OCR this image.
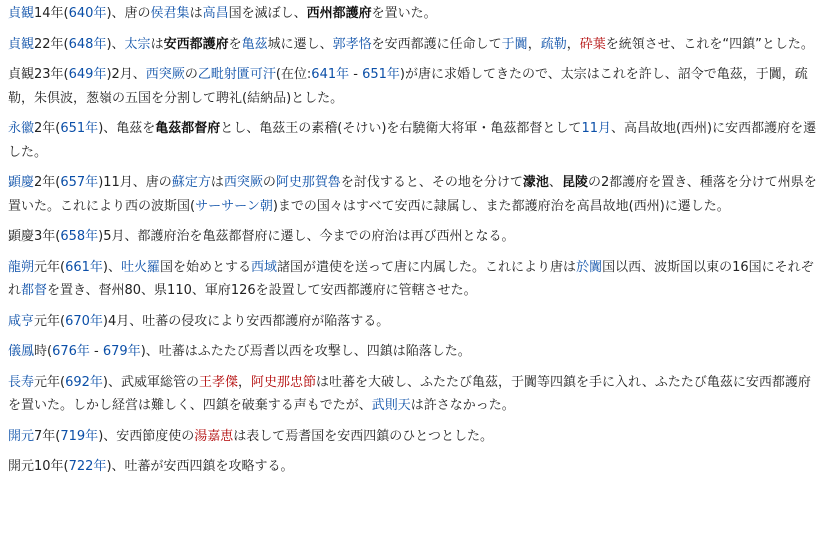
貞観14年(640年)、唐の侯君集は高昌国を滅ぼし、西州都護府を置いた。

貞観22年(648年)、太宗は安西都護府を亀茲城に遷し、郭孝恪を安西都護に任命して于闐，疏勒，砕葉を統領させ、これを“四鎮”とした。

貞観23年(649年)2月、西突厥の乙毗射匱可汗(在位:641年 - 651年)が唐に求婚してきたので、太宗はこれを許し、詔令で亀茲，于闐，疏勒，朱倶波，葱嶺の五国を分割して聘礼(結納品)とした。

永徽2年(651年)、亀茲を亀茲都督府とし、亀茲王の素稽(そけい)を右驍衛大将軍・亀茲都督として11月、高昌故地(西州)に安西都護府を遷した。

顕慶2年(657年)11月、唐の蘇定方は西突厥の阿史那賀魯を討伐すると、その地を分けて濛池、昆陵の2都護府を置き、種落を分けて州県を置いた。これにより西の波斯国(サーサーン朝)までの国々はすべて安西に隷属し、また都護府治を高昌故地(西州)に遷した。

顕慶3年(658年)5月、都護府治を亀茲都督府に遷し、今までの府治は再び西州となる。

龍朔元年(661年)、吐火羅国を始めとする西域諸国が遣使を送って唐に内属した。これにより唐は於闐国以西、波斯国以東の16国にそれぞれ都督を置き、督州80、県110、軍府126を設置して安西都護府に管轄させた。

咸亨元年(670年)4月、吐蕃の侵攻により安西都護府が陥落する。

儀鳳時(676年 - 679年)、吐蕃はふたたび焉耆以西を攻撃し、四鎮は陥落した。

長寿元年(692年)、武威軍総管の王孝傑，阿史那忠節は吐蕃を大破し、ふたたび亀茲，于闐等四鎮を手に入れ、ふたたび亀茲に安西都護府を置いた。しかし経営は難しく、四鎮を破棄する声もでたが、武則天は許さなかった。

開元7年(719年)、安西節度使の湯嘉恵は表して焉耆国を安西四鎮のひとつとした。

開元10年(722年)、吐蕃が安西四鎮を攻略する。
